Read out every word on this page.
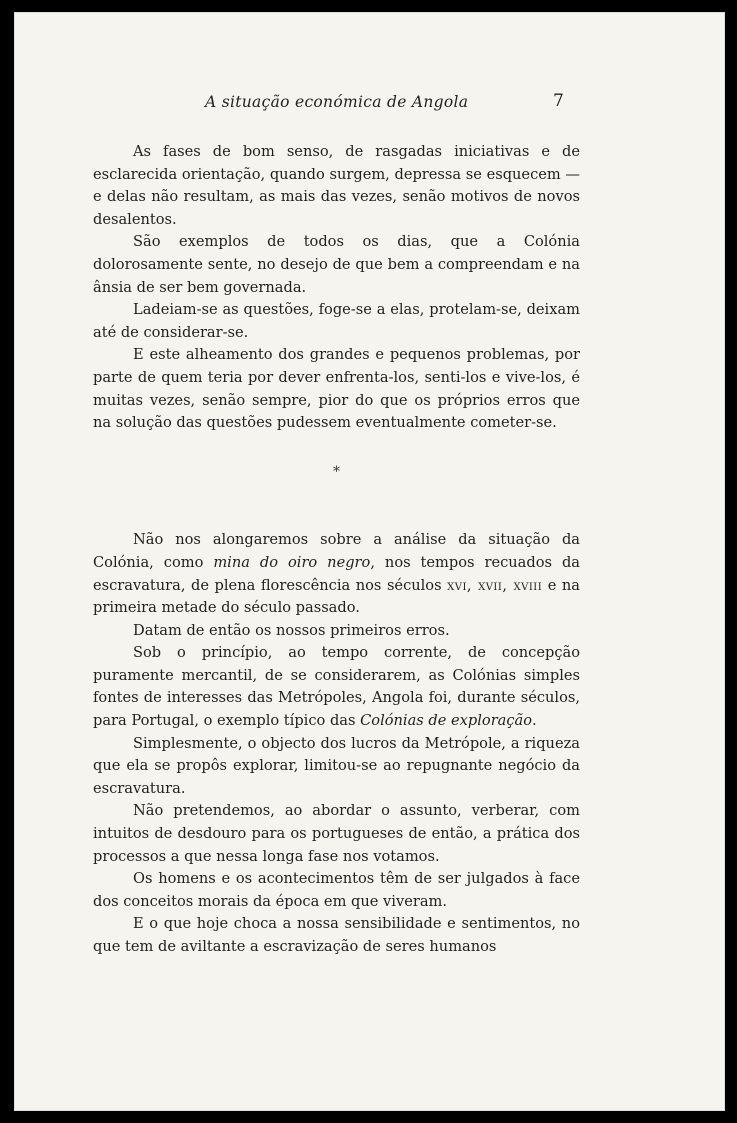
A situação económica de Angola	7

As fases de bom senso, de rasgadas iniciativas e de esclarecida orientação, quando surgem, depressa se esquecem — e delas não resultam, as mais das vezes, senão motivos de novos desalentos.

São exemplos de todos os dias, que a Colónia dolorosamente sente, no desejo de que bem a compreendam e na ânsia de ser bem governada.

Ladeiam-se as questões, foge-se a elas, protelam-se, deixam até de considerar-se.

E este alheamento dos grandes e pequenos problemas, por parte de quem teria por dever enfrenta-los, senti-los e vive-los, é muitas vezes, senão sempre, pior do que os próprios erros que na solução das questões pudessem eventualmente cometer-se.

*

Não nos alongaremos sobre a análise da situação da Colónia, como mina do oiro negro, nos tempos recuados da escravatura, de plena florescência nos séculos xvi, xvii, xviii e na primeira metade do século passado.

Datam de então os nossos primeiros erros.

Sob o princípio, ao tempo corrente, de concepção puramente mercantil, de se considerarem, as Colónias simples fontes de interesses das Metrópoles, Angola foi, durante séculos, para Portugal, o exemplo típico das Colónias de exploração.

Simplesmente, o objecto dos lucros da Metrópole, a riqueza que ela se propôs explorar, limitou-se ao repugnante negócio da escravatura.

Não pretendemos, ao abordar o assunto, verberar, com intuitos de desdouro para os portugueses de então, a prática dos processos a que nessa longa fase nos votamos.

Os homens e os acontecimentos têm de ser julgados à face dos conceitos morais da época em que viveram.

E o que hoje choca a nossa sensibilidade e sentimentos, no que tem de aviltante a escravização de seres humanos
